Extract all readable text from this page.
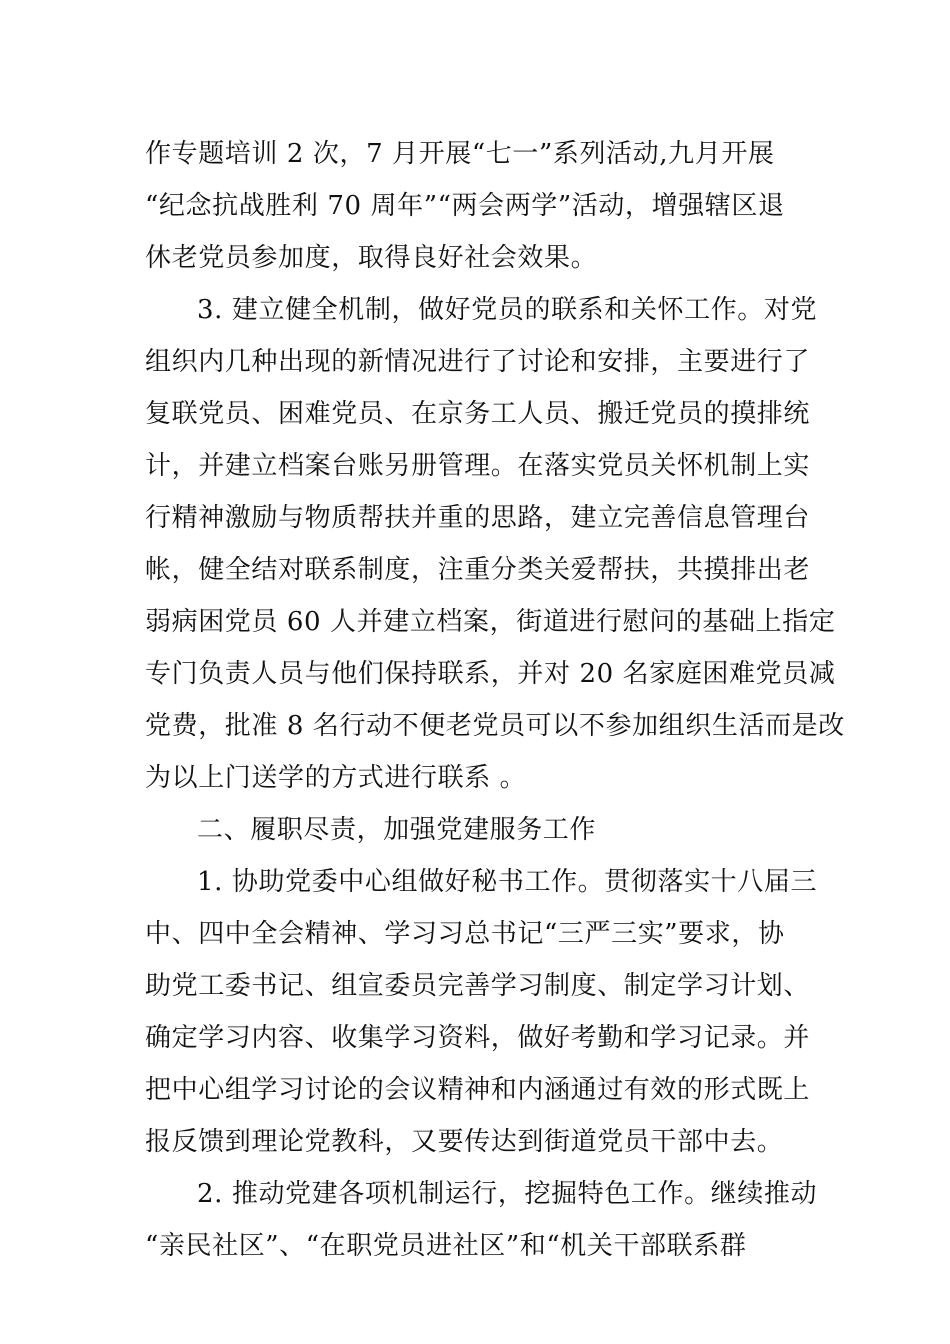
作专题培训 2 次，7 月开展“七一”系列活动,九月开展
“纪念抗战胜利 70 周年”“两会两学”活动，增强辖区退
休老党员参加度，取得良好社会效果。
3. 建立健全机制，做好党员的联系和关怀工作。对党
组织内几种出现的新情况进行了讨论和安排，主要进行了
复联党员、困难党员、在京务工人员、搬迁党员的摸排统
计，并建立档案台账另册管理。在落实党员关怀机制上实
行精神激励与物质帮扶并重的思路，建立完善信息管理台
帐，健全结对联系制度，注重分类关爱帮扶，共摸排出老
弱病困党员 60 人并建立档案，街道进行慰问的基础上指定
专门负责人员与他们保持联系，并对 20 名家庭困难党员减
党费，批准 8 名行动不便老党员可以不参加组织生活而是改
为以上门送学的方式进行联系 。
二、履职尽责，加强党建服务工作
1. 协助党委中心组做好秘书工作。贯彻落实十八届三
中、四中全会精神、学习习总书记“三严三实”要求，协
助党工委书记、组宣委员完善学习制度、制定学习计划、
确定学习内容、收集学习资料，做好考勤和学习记录。并
把中心组学习讨论的会议精神和内涵通过有效的形式既上
报反馈到理论党教科，又要传达到街道党员干部中去。
2. 推动党建各项机制运行，挖掘特色工作。继续推动
“亲民社区”、“在职党员进社区”和“机关干部联系群
